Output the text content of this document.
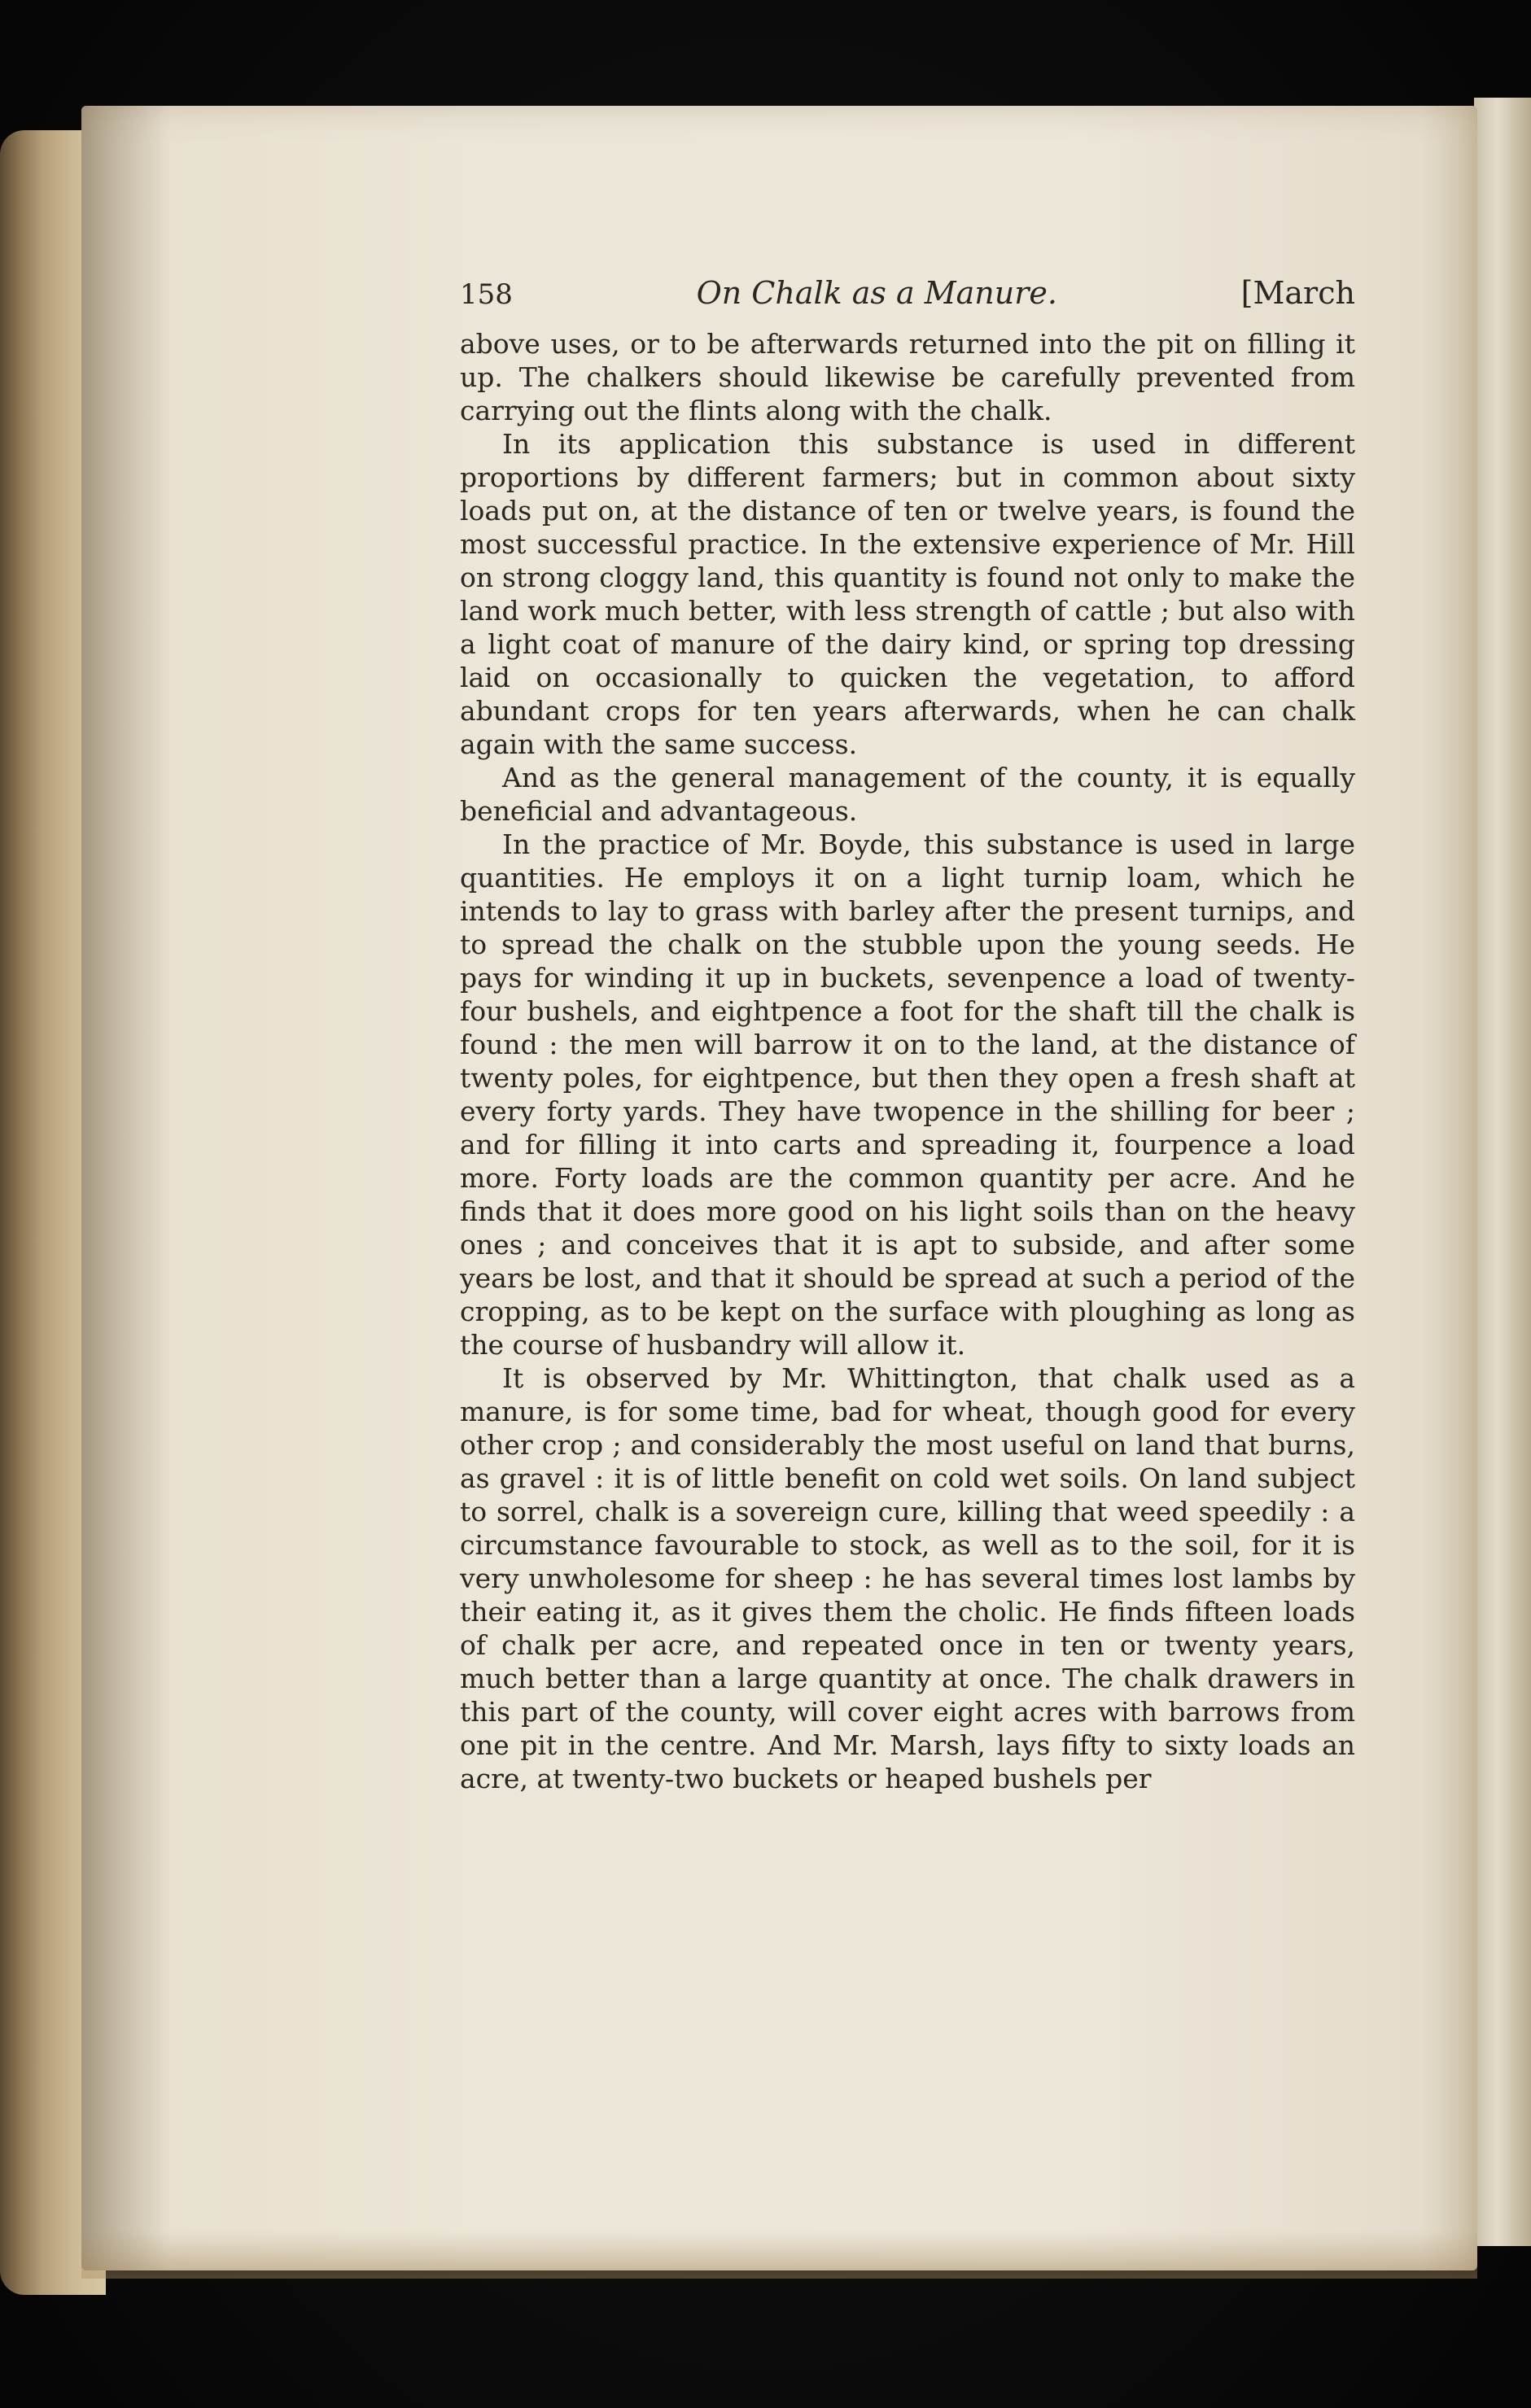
158	On Chalk as a Manure.	[March

above uses, or to be afterwards returned into the pit on filling it up. The chalkers should likewise be carefully prevented from carrying out the flints along with the chalk.

In its application this substance is used in different proportions by different farmers; but in common about sixty loads put on, at the distance of ten or twelve years, is found the most successful practice. In the extensive experience of Mr. Hill on strong cloggy land, this quantity is found not only to make the land work much better, with less strength of cattle ; but also with a light coat of manure of the dairy kind, or spring top dressing laid on occasionally to quicken the vegetation, to afford abundant crops for ten years afterwards, when he can chalk again with the same success.

And as the general management of the county, it is equally beneficial and advantageous.

In the practice of Mr. Boyde, this substance is used in large quantities. He employs it on a light turnip loam, which he intends to lay to grass with barley after the present turnips, and to spread the chalk on the stubble upon the young seeds. He pays for winding it up in buckets, sevenpence a load of twenty-four bushels, and eightpence a foot for the shaft till the chalk is found : the men will barrow it on to the land, at the distance of twenty poles, for eightpence, but then they open a fresh shaft at every forty yards. They have twopence in the shilling for beer ; and for filling it into carts and spreading it, fourpence a load more. Forty loads are the common quantity per acre. And he finds that it does more good on his light soils than on the heavy ones ; and conceives that it is apt to subside, and after some years be lost, and that it should be spread at such a period of the cropping, as to be kept on the surface with ploughing as long as the course of husbandry will allow it.

It is observed by Mr. Whittington, that chalk used as a manure, is for some time, bad for wheat, though good for every other crop ; and considerably the most useful on land that burns, as gravel : it is of little benefit on cold wet soils. On land subject to sorrel, chalk is a sovereign cure, killing that weed speedily : a circumstance favourable to stock, as well as to the soil, for it is very unwholesome for sheep : he has several times lost lambs by their eating it, as it gives them the cholic. He finds fifteen loads of chalk per acre, and repeated once in ten or twenty years, much better than a large quantity at once. The chalk drawers in this part of the county, will cover eight acres with barrows from one pit in the centre. And Mr. Marsh, lays fifty to sixty loads an acre, at twenty-two buckets or heaped bushels per
